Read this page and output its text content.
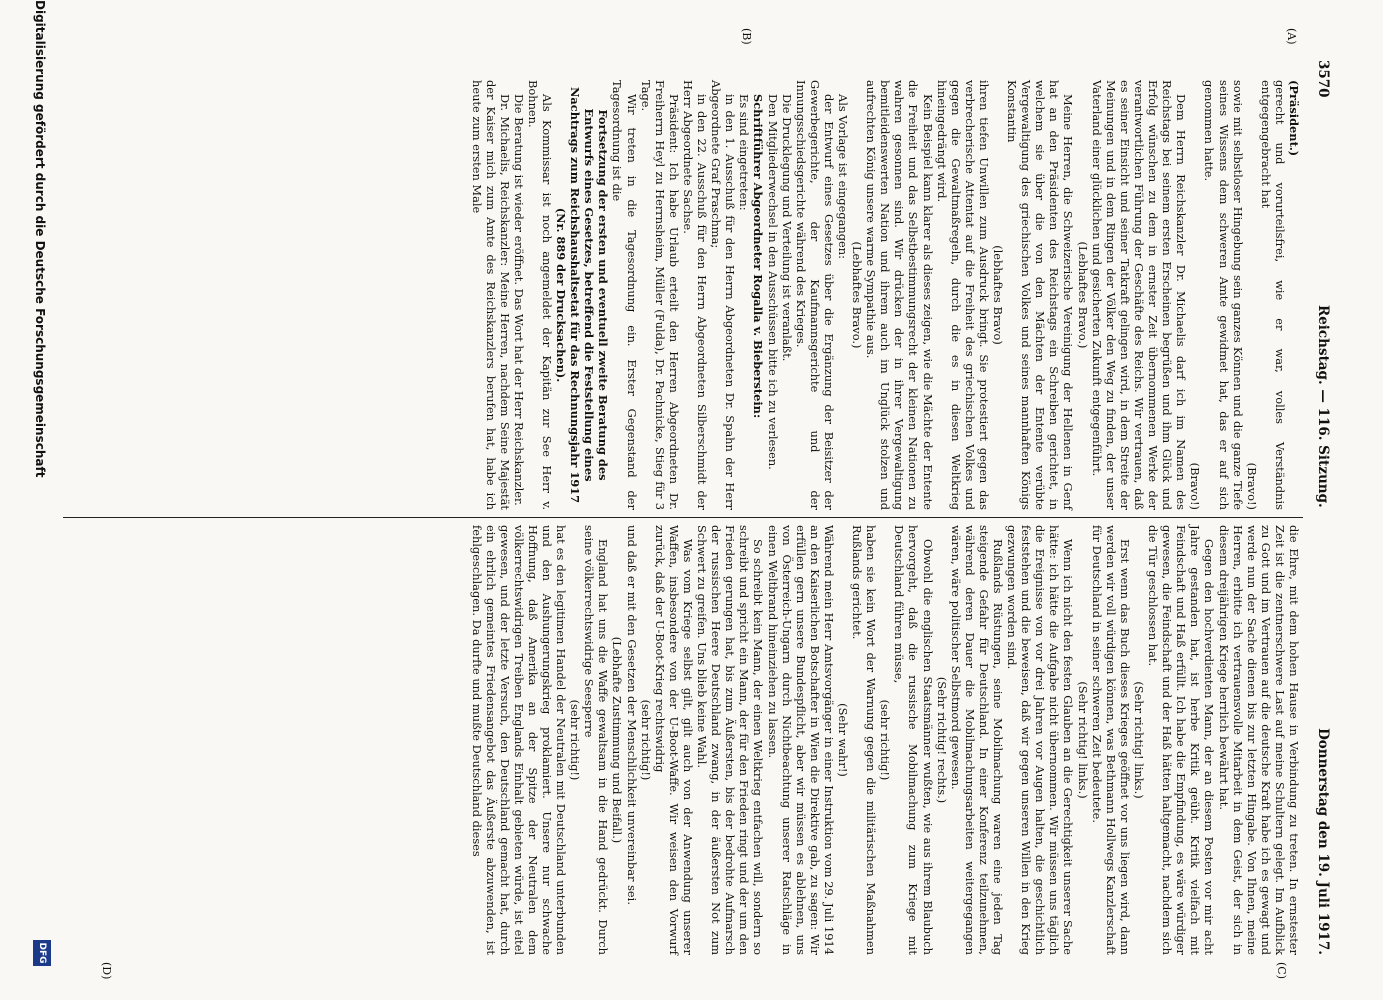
3570
Reichstag. — 116. Sitzung.
Donnerstag den 19. Juli 1917.
(A)
(B)
(C)
(D)

(Präsident.)

gerecht und vorurteilsfrei, wie er war, volles Verständnis entgegengebracht hat

(Bravo!)

sowie mit selbstloser Hingebung sein ganzes Können und die ganze Tiefe seines Wissens dem schweren Amte gewidmet hat, das er auf sich genommen hatte.

(Bravo!)

Dem Herrn Reichskanzler Dr. Michaelis darf ich im Namen des Reichstags bei seinem ersten Erscheinen begrüßen und ihm Glück und Erfolg wünschen zu dem in ernster Zeit übernommenen Werke der verantwortlichen Führung der Geschäfte des Reichs. Wir vertrauen, daß es seiner Einsicht und seiner Tatkraft gelingen wird, in dem Streite der Meinungen und in dem Ringen der Völker den Weg zu finden, der unser Vaterland einer glücklichen und gesicherten Zukunft entgegenführt.

(Lebhaftes Bravo.)

Meine Herren, die Schweizerische Vereinigung der Hellenen in Genf hat an den Präsidenten des Reichstags ein Schreiben gerichtet, in welchem sie über die von den Mächten der Entente verübte Vergewaltigung des griechischen Volkes und seines mannhaften Königs Konstantin

(lebhaftes Bravo)

ihren tiefen Unwillen zum Ausdruck bringt. Sie protestiert gegen das verbrecherische Attentat auf die Freiheit des griechischen Volkes und gegen die Gewaltmaßregeln, durch die es in diesen Weltkrieg hineingedrängt wird.

Kein Beispiel kann klarer als dieses zeigen, wie die Mächte der Entente die Freiheit und das Selbstbestimmungsrecht der kleinen Nationen zu wahren gesonnen sind. Wir drücken der in ihrer Vergewaltigung bemitleidenswerten Nation und ihrem auch im Unglück stolzen und aufrechten König unsere warme Sympathie aus.

(Lebhaftes Bravo.)

Als Vorlage ist eingegangen:

der Entwurf eines Gesetzes über die Ergänzung der Beisitzer der Gewerbegerichte, der Kaufmannsgerichte und der Innungsschiedsgerichte während des Krieges.

Die Drucklegung und Verteilung ist veranlaßt.

Den Mitgliederwechsel in den Ausschüssen bitte ich zu verlesen.

Schriftführer Abgeordneter Rogalla v. Bieberstein:

Es sind eingetreten:

in den 1. Ausschuß für den Herrn Abgeordneten Dr. Spahn der Herr Abgeordnete Graf Praschma;

in den 22. Ausschuß für den Herrn Abgeordneten Silberschmidt der Herr Abgeordnete Sachse.

Präsident: Ich habe Urlaub erteilt den Herren Abgeordneten Dr. Freiherrn Heyl zu Herrnsheim, Müller (Fulda), Dr. Pachnicke, Stieg für 3 Tage.

Wir treten in die Tagesordnung ein. Erster Gegenstand der Tagesordnung ist die

Fortsetzung der ersten und eventuell zweite Beratung des Entwurfs eines Gesetzes, betreffend die Feststellung eines Nachtrags zum Reichshaushaltsetat für das Rechnungsjahr 1917 (Nr. 889 der Drucksachen).

Als Kommissar ist noch angemeldet der Kapitän zur See Herr v. Bohnen.

Die Beratung ist wieder eröffnet. Das Wort hat der Herr Reichskanzler.

Dr. Michaelis, Reichskanzler: Meine Herren, nachdem Seine Majestät der Kaiser mich zum Amte des Reichskanzlers berufen hat, habe ich heute zum ersten Male

die Ehre, mit dem hohen Hause in Verbindung zu treten. In ernstester Zeit ist die zentnerschwere Last auf meine Schultern gelegt. Im Aufblick zu Gott und im Vertrauen auf die deutsche Kraft habe ich es gewagt und werde nun der Sache dienen bis zur letzten Hingabe. Von Ihnen, meine Herren, erbitte ich vertrauensvolle Mitarbeit in dem Geist, der sich in diesem dreijährigen Kriege herrlich bewährt hat.

Gegen den hochverdienten Mann, der an diesem Posten vor mir acht Jahre gestanden hat, ist herbe Kritik geübt. Kritik vielfach mit Feindschaft und Haß erfüllt. Ich habe die Empfindung, es wäre würdiger gewesen, die Feindschaft und der Haß hätten haltgemacht, nachdem sich die Tür geschlossen hat.

(Sehr richtig! links.)

Erst wenn das Buch dieses Krieges geöffnet vor uns liegen wird, dann werden wir voll würdigen können, was Bethmann Hollwegs Kanzlerschaft für Deutschland in seiner schweren Zeit bedeutete.

(Sehr richtig! links.)

Wenn ich nicht den festen Glauben an die Gerechtigkeit unserer Sache hätte: ich hätte die Aufgabe nicht übernommen. Wir müssen uns täglich die Ereignisse von vor drei Jahren vor Augen halten, die geschichtlich feststehen und die beweisen, daß wir gegen unseren Willen in den Krieg gezwungen worden sind.

Rußlands Rüstungen, seine Mobilmachung waren eine jeden Tag steigende Gefahr für Deutschland. In einer Konferenz teilzunehmen, während deren Dauer die Mobilmachungsarbeiten weitergegangen wären, wäre politischer Selbstmord gewesen.

(Sehr richtig! rechts.)

Obwohl die englischen Staatsmänner wußten, wie aus ihrem Blaubuch hervorgeht, daß die russische Mobilmachung zum Kriege mit Deutschland führen müsse,

(sehr richtig!)

haben sie kein Wort der Warnung gegen die militärischen Maßnahmen Rußlands gerichtet.

(Sehr wahr!)

Während mein Herr Amtsvorgänger in einer Instruktion vom 29. Juli 1914 an den Kaiserlichen Botschafter in Wien die Direktive gab, zu sagen: Wir erfüllen gern unsere Bundespflicht, aber wir müssen es ablehnen, uns von Österreich-Ungarn durch Nichtbeachtung unserer Ratschläge in einen Weltbrand hineinziehen zu lassen.

So schreibt kein Mann, der einen Weltkrieg entfachen will, sondern so schreibt und spricht ein Mann, der für den Frieden ringt und der um den Frieden gerungen hat, bis zum Äußersten, bis der bedrohte Aufmarsch der russischen Heere Deutschland zwang, in der äußersten Not zum Schwert zu greifen. Uns blieb keine Wahl.

Was vom Kriege selbst gilt, gilt auch von der Anwendung unserer Waffen, insbesondere von der U-Boot-Waffe. Wir weisen den Vorwurf zurück, daß der U-Boot-Krieg rechtswidrig

(sehr richtig!)

und daß er mit den Gesetzen der Menschlichkeit unvereinbar sei.

(Lebhafte Zustimmung und Beifall.)

England hat uns die Waffe gewaltsam in die Hand gedrückt. Durch seine völkerrechtswidrige Seesperre

(sehr richtig!)

hat es den legitimen Handel der Neutralen mit Deutschland unterbunden und den Aushungerungskrieg proklamiert. Unsere nur schwache Hoffnung, daß Amerika an der Spitze der Neutralen dem völkerrechtswidrigen Treiben Englands Einhalt gebieten würde, ist eitel gewesen, und der letzte Versuch, den Deutschland gemacht hat, durch ein ehrlich gemeintes Friedensangebot das Äußerste abzuwenden, ist fehlgeschlagen. Da durfte und mußte Deutschland dieses

Digitalisierung gefördert durch die Deutsche Forschungsgemeinschaft
DFG
